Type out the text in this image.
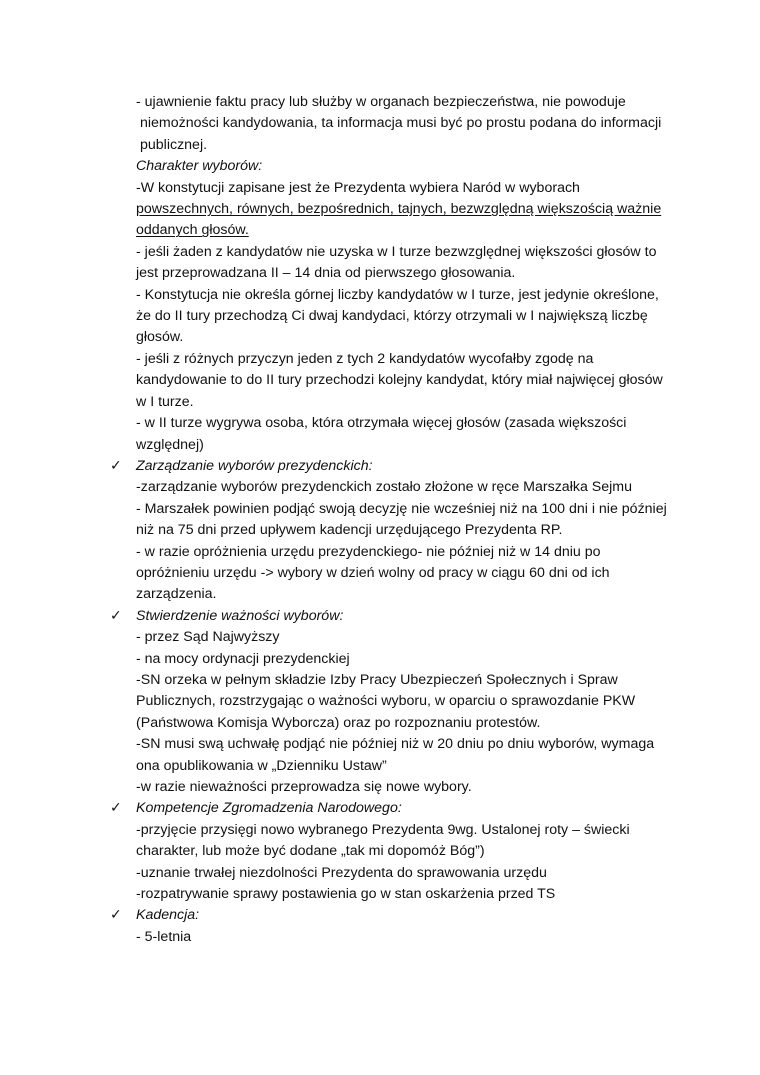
- ujawnienie faktu pracy lub służby w organach bezpieczeństwa, nie powoduje
niemożności kandydowania, ta informacja musi być po prostu podana do informacji
publicznej.
Charakter wyborów:
-W konstytucji zapisane jest że Prezydenta wybiera Naród w wyborach
powszechnych, równych, bezpośrednich, tajnych, bezwzględną większością ważnie
oddanych głosów.
- jeśli żaden z kandydatów nie uzyska w I turze bezwzględnej większości głosów to
jest przeprowadzana II – 14 dnia od pierwszego głosowania.
- Konstytucja nie określa górnej liczby kandydatów w I turze, jest jedynie określone,
że do II tury przechodzą Ci dwaj kandydaci, którzy otrzymali w I największą liczbę
głosów.
- jeśli z różnych przyczyn jeden z tych 2 kandydatów wycofałby zgodę na
kandydowanie to do II tury przechodzi kolejny kandydat, który miał najwięcej głosów
w I turze.
- w II turze wygrywa osoba, która otrzymała więcej głosów (zasada większości
względnej)
✓ Zarządzanie wyborów prezydenckich:
-zarządzanie wyborów prezydenckich zostało złożone w ręce Marszałka Sejmu
- Marszałek powinien podjąć swoją decyzję nie wcześniej niż na 100 dni i nie później
niż na 75 dni przed upływem kadencji urzędującego Prezydenta RP.
- w razie opróżnienia urzędu prezydenckiego- nie później niż w 14 dniu po
opróżnieniu urzędu -> wybory w dzień wolny od pracy w ciągu 60 dni od ich
zarządzenia.
✓ Stwierdzenie ważności wyborów:
- przez Sąd Najwyższy
- na mocy ordynacji prezydenckiej
-SN orzeka w pełnym składzie Izby Pracy Ubezpieczeń Społecznych i Spraw
Publicznych, rozstrzygając o ważności wyboru, w oparciu o sprawozdanie PKW
(Państwowa Komisja Wyborcza) oraz po rozpoznaniu protestów.
-SN musi swą uchwałę podjąć nie później niż w 20 dniu po dniu wyborów, wymaga
ona opublikowania w „Dzienniku Ustaw”
-w razie nieważności przeprowadza się nowe wybory.
✓ Kompetencje Zgromadzenia Narodowego:
-przyjęcie przysięgi nowo wybranego Prezydenta 9wg. Ustalonej roty – świecki
charakter, lub może być dodane „tak mi dopomóż Bóg”)
-uznanie trwałej niezdolności Prezydenta do sprawowania urzędu
-rozpatrywanie sprawy postawienia go w stan oskarżenia przed TS
✓ Kadencja:
- 5-letnia
